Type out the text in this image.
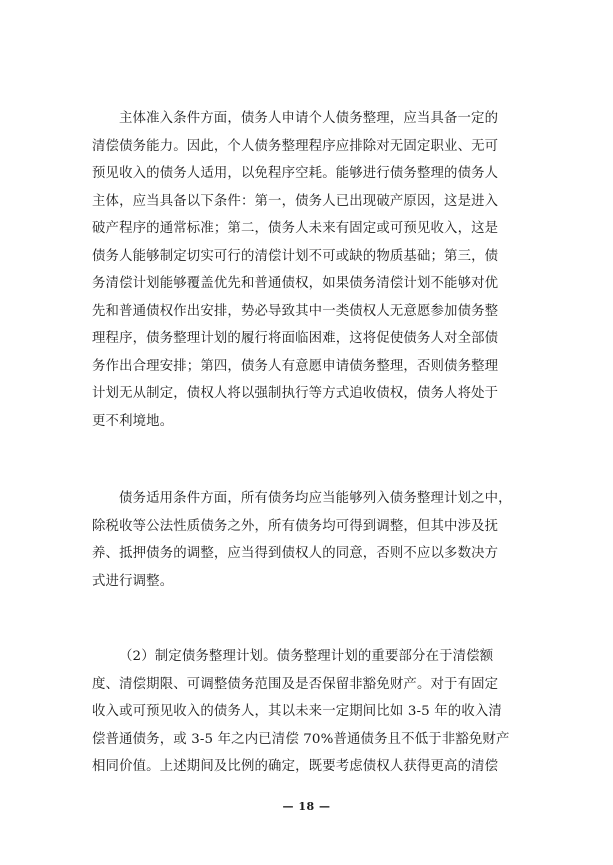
主体准入条件方面，债务人申请个人债务整理，应当具备一定的
清偿债务能力。因此，个人债务整理程序应排除对无固定职业、无可
预见收入的债务人适用，以免程序空耗。能够进行债务整理的债务人
主体，应当具备以下条件：第一，债务人已出现破产原因，这是进入
破产程序的通常标准；第二，债务人未来有固定或可预见收入，这是
债务人能够制定切实可行的清偿计划不可或缺的物质基础；第三，债
务清偿计划能够覆盖优先和普通债权，如果债务清偿计划不能够对优
先和普通债权作出安排，势必导致其中一类债权人无意愿参加债务整
理程序，债务整理计划的履行将面临困难，这将促使债务人对全部债
务作出合理安排；第四，债务人有意愿申请债务整理，否则债务整理
计划无从制定，债权人将以强制执行等方式追收债权，债务人将处于
更不利境地。
债务适用条件方面，所有债务均应当能够列入债务整理计划之中，
除税收等公法性质债务之外，所有债务均可得到调整，但其中涉及抚
养、抵押债务的调整，应当得到债权人的同意，否则不应以多数决方
式进行调整。
（2）制定债务整理计划。债务整理计划的重要部分在于清偿额
度、清偿期限、可调整债务范围及是否保留非豁免财产。对于有固定
收入或可预见收入的债务人，其以未来一定期间比如 3-5 年的收入清
偿普通债务，或 3-5 年之内已清偿 70%普通债务且不低于非豁免财产
相同价值。上述期间及比例的确定，既要考虑债权人获得更高的清偿
— 18 —
